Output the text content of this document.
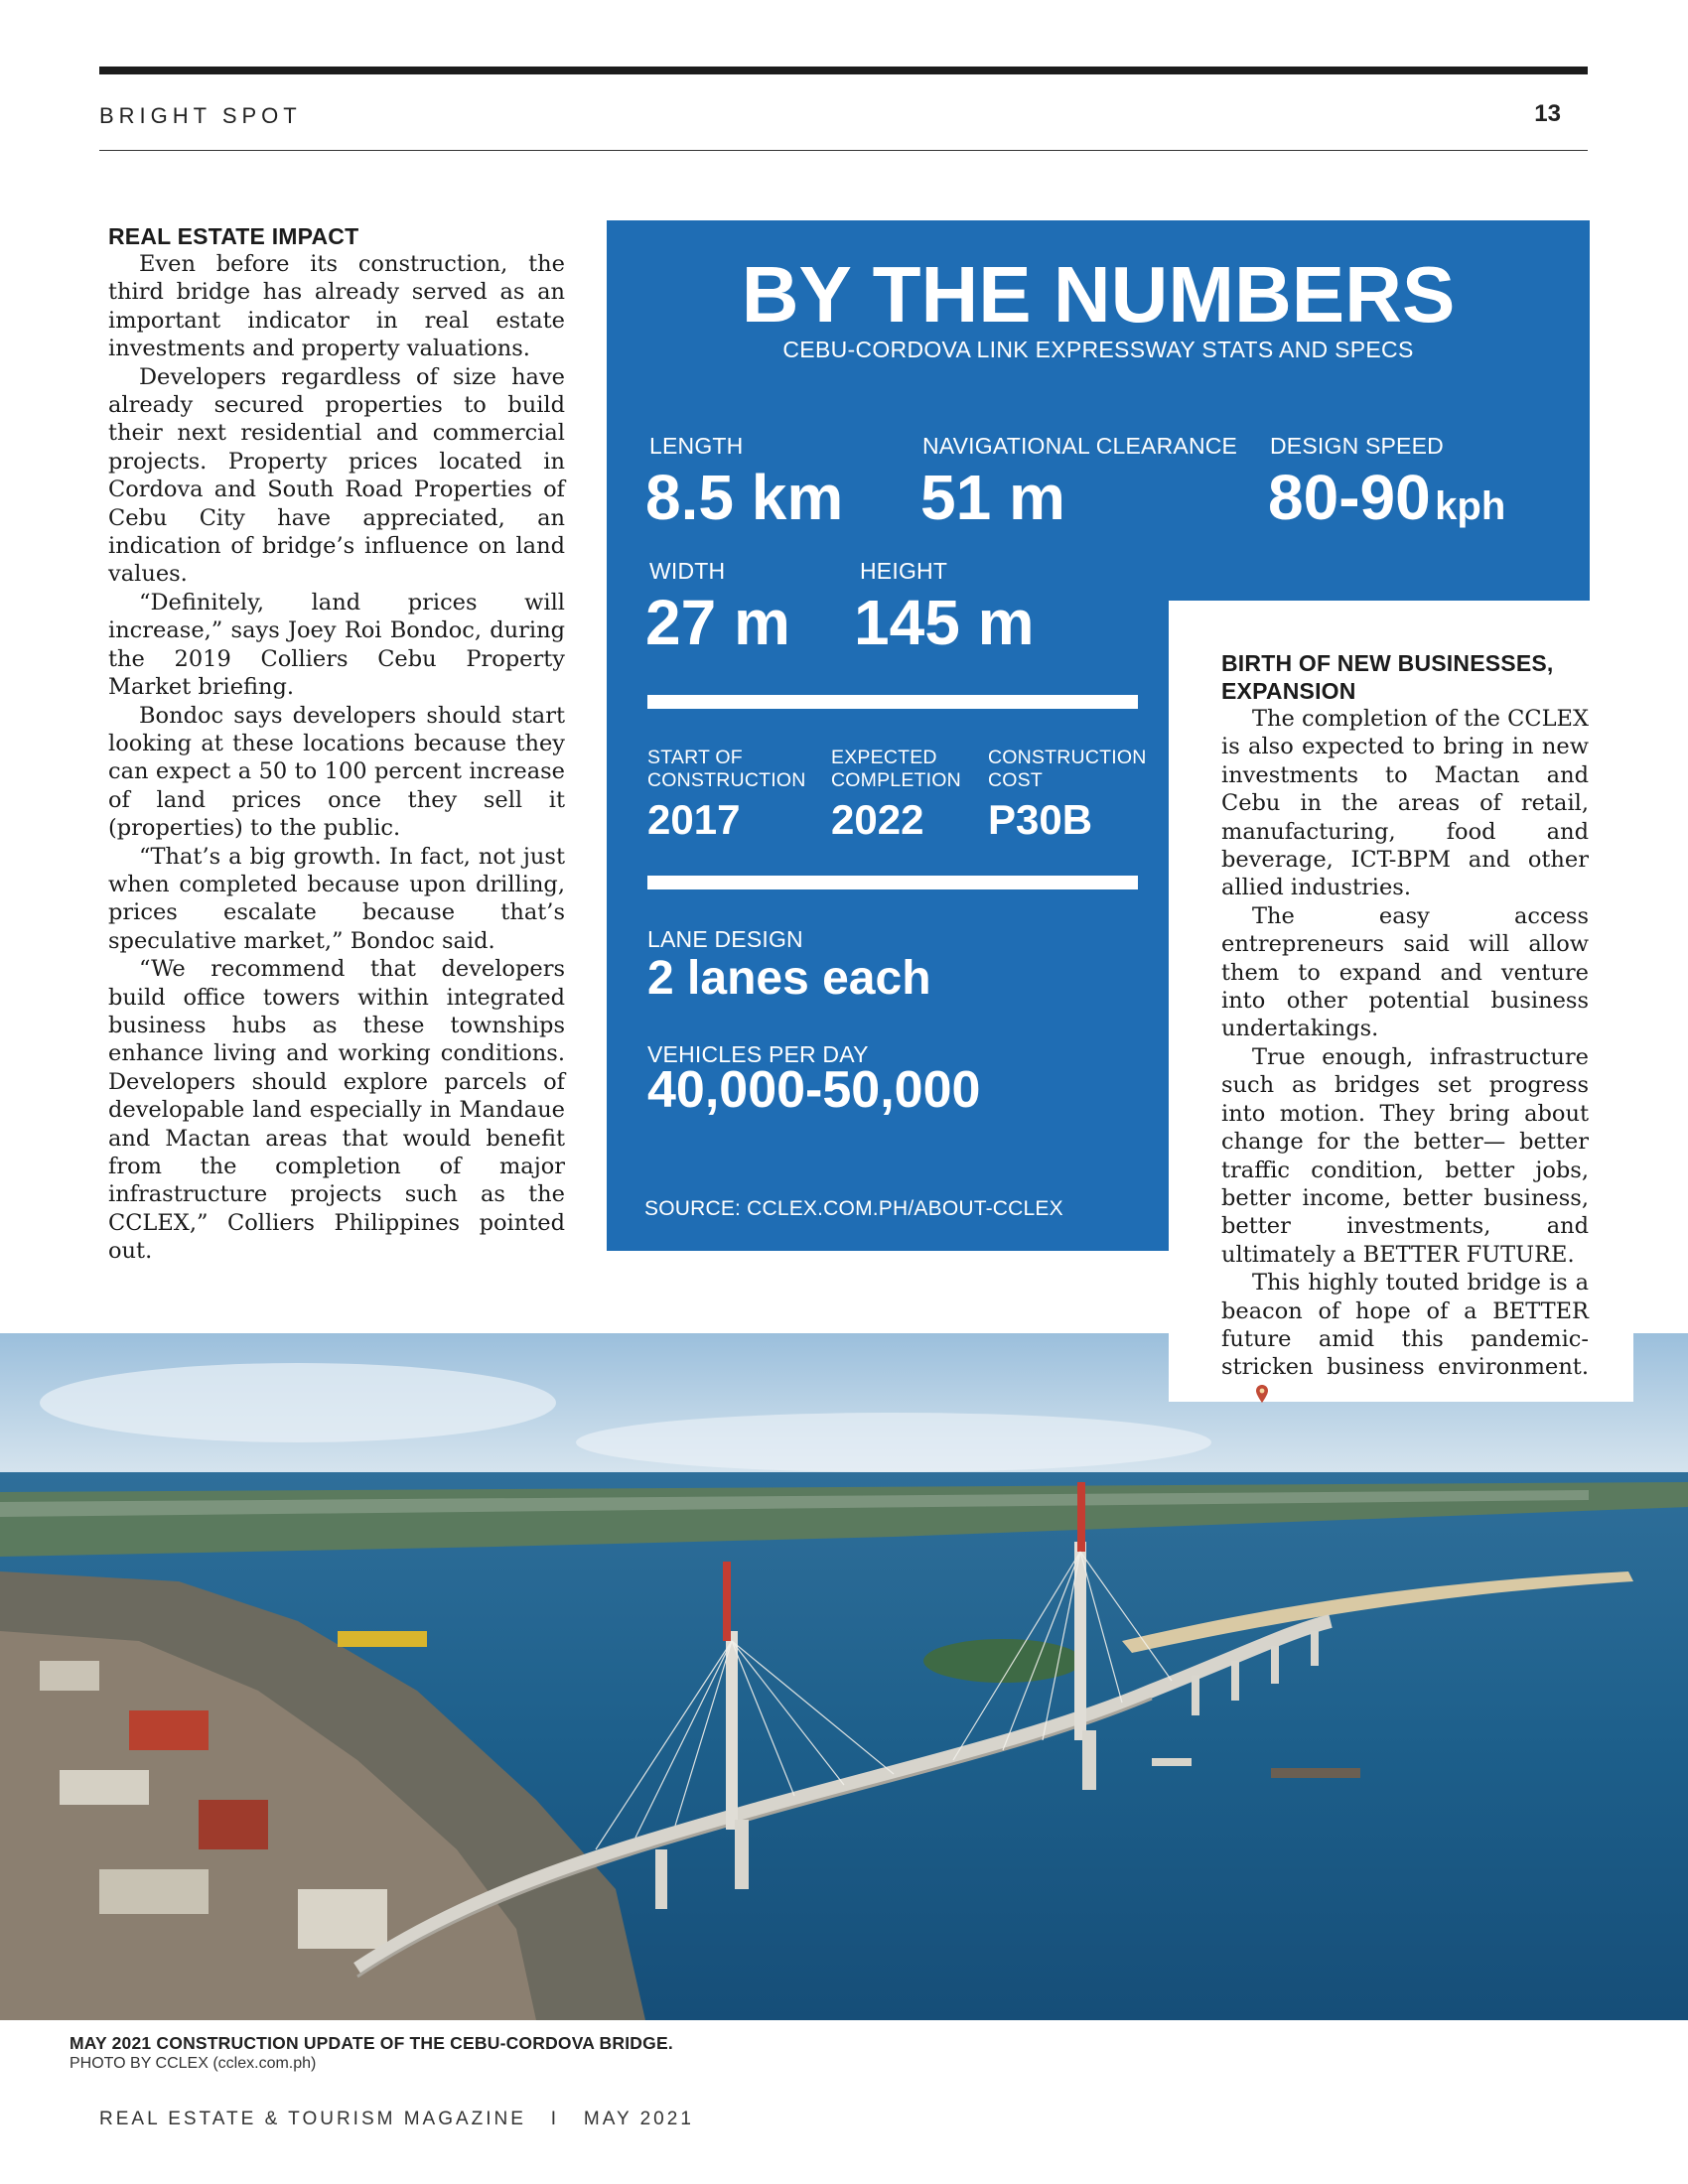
BRIGHT SPOT	13
REAL ESTATE IMPACT

Even before its construction, the third bridge has already served as an important indicator in real estate investments and property valuations.

Developers regardless of size have already secured properties to build their next residential and commercial projects. Property prices located in Cordova and South Road Properties of Cebu City have appreciated, an indication of bridge’s influence on land values.

“Definitely, land prices will increase,” says Joey Roi Bondoc, during the 2019 Colliers Cebu Property Market briefing.

Bondoc says developers should start looking at these locations because they can expect a 50 to 100 percent increase of land prices once they sell it (properties) to the public.

“That’s a big growth. In fact, not just when completed because upon drilling, prices escalate because that’s speculative market,” Bondoc said.

“We recommend that developers build office towers within integrated business hubs as these townships enhance living and working conditions. Developers should explore parcels of developable land especially in Mandaue and Mactan areas that would benefit from the completion of major infrastructure projects such as the CCLEX,” Colliers Philippines pointed out.

BY THE NUMBERS
CEBU-CORDOVA LINK EXPRESSWAY STATS AND SPECS
LENGTH
8.5 km
NAVIGATIONAL CLEARANCE
51 m
DESIGN SPEED
80-90 kph
WIDTH
27 m
HEIGHT
145 m
START OF
CONSTRUCTION
2017
EXPECTED
COMPLETION
2022
CONSTRUCTION
COST
P30B
LANE DESIGN
2 lanes each
VEHICLES PER DAY
40,000-50,000
SOURCE: CCLEX.COM.PH/ABOUT-CCLEX
BIRTH OF NEW BUSINESSES,
EXPANSION

The completion of the CCLEX is also expected to bring in new investments to Mactan and Cebu in the areas of retail, manufacturing, food and beverage, ICT-BPM and other allied industries.

The easy access entrepreneurs said will allow them to expand and venture into other potential business undertakings.

True enough, infrastructure such as bridges set progress into motion. They bring about change for the better— better traffic condition, better jobs, better income, better business, better investments, and ultimately a BETTER FUTURE.

This highly touted bridge is a beacon of hope of a BETTER future amid this pandemic-stricken business environment.

MAY 2021 CONSTRUCTION UPDATE OF THE CEBU-CORDOVA BRIDGE.
PHOTO BY CCLEX (cclex.com.ph)
REAL ESTATE & TOURISM MAGAZINE I MAY 2021
